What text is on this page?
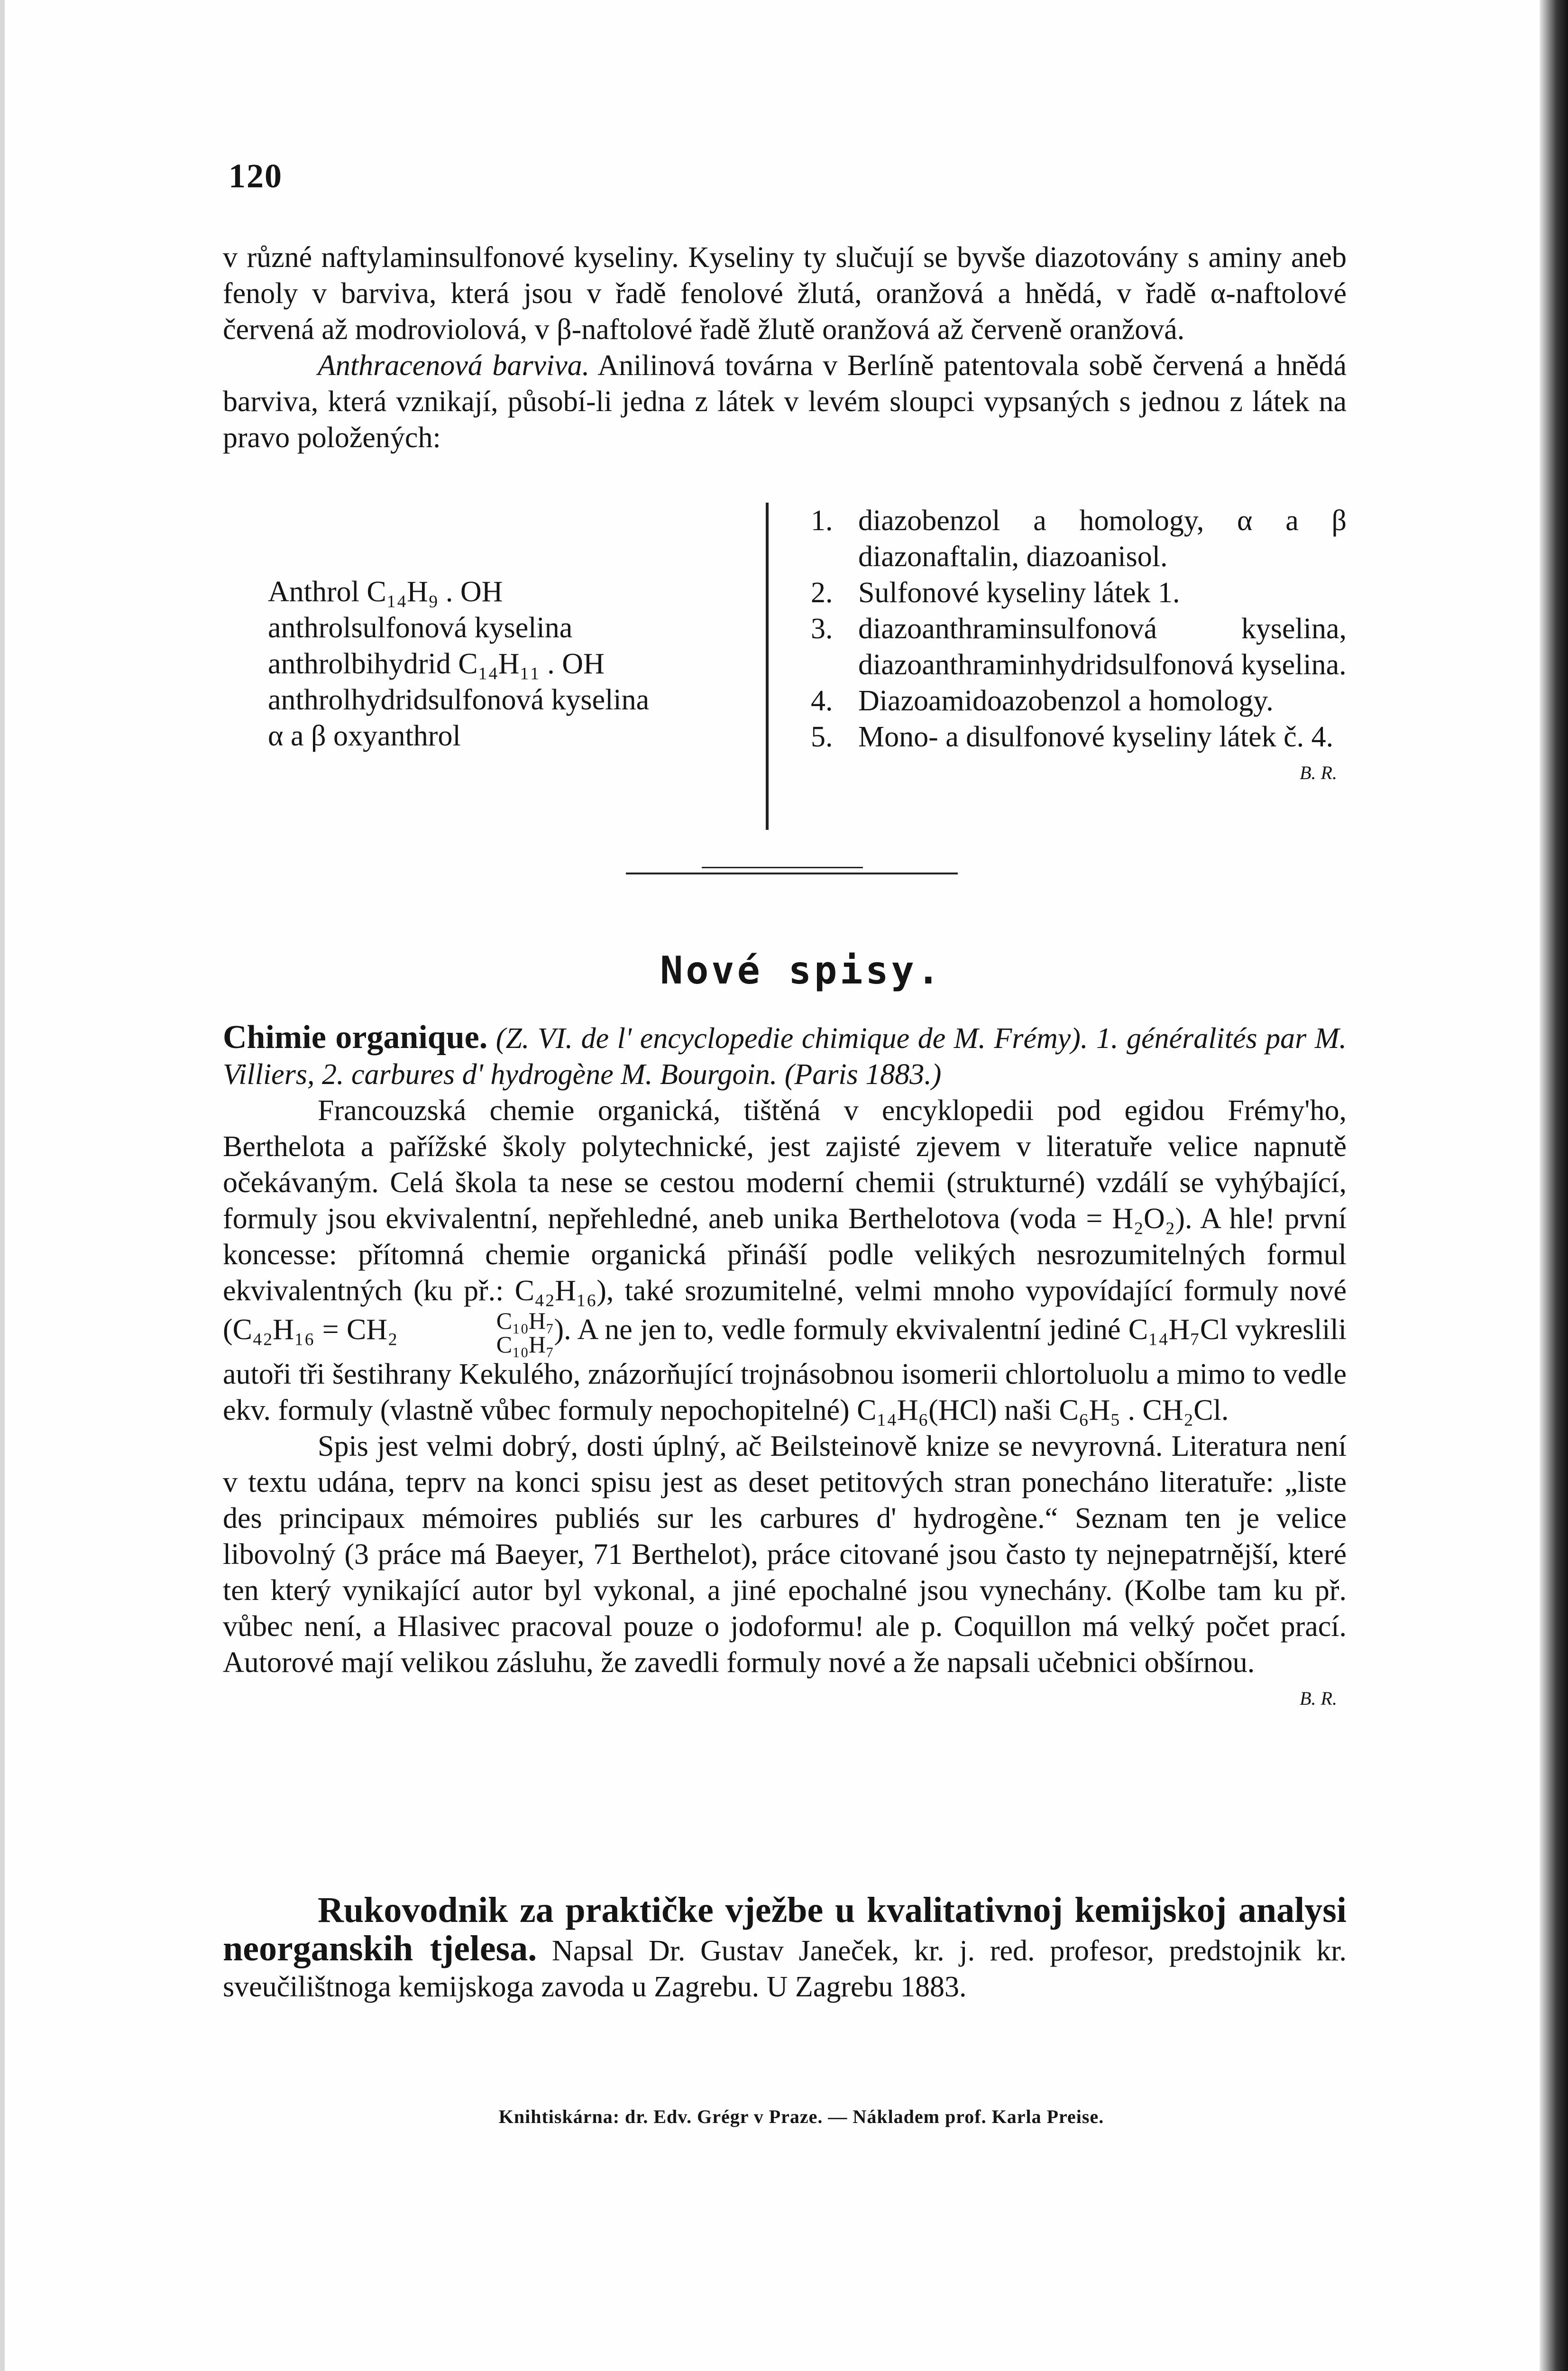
120

v různé naftylaminsulfonové kyseliny. Kyseliny ty slučují se byvše diazotovány s aminy aneb fenoly v barviva, která jsou v řadě fenolové žlutá, oranžová a hnědá, v řadě α-naftolové červená až modroviolová, v β-naftolové řadě žlutě oranžová až červeně oranžová.

Anthracenová barviva. Anilinová továrna v Berlíně patentovala sobě červená a hnědá barviva, která vznikají, působí-li jedna z látek v levém sloupci vypsaných s jednou z látek na pravo položených:

Anthrol C₁₄H₉ . OH
anthrolsulfonová kyselina
anthrolbihydrid C₁₄H₁₁ . OH
anthrolhydridsulfonová kyselina
α a β oxyanthrol
1. diazobenzol a homology, α a β diazonaftalin, diazoanisol.
2. Sulfonové kyseliny látek 1.
3. diazoanthraminsulfonová kyselina, diazoanthraminhydridsulfonová kyselina.
4. Diazoamidoazobenzol a homology.
5. Mono- a disulfonové kyseliny látek č. 4.
B. R.
Nové spisy.

Chimie organique. (Z. VI. de l' encyclopedie chimique de M. Frémy). 1. généralités par M. Villiers, 2. carbures d' hydrogène M. Bourgoin. (Paris 1883.)

Francouzská chemie organická, tištěná v encyklopedii pod egidou Frémy'ho, Berthelota a pařížské školy polytechnické, jest zajisté zjevem v literatuře velice napnutě očekávaným. Celá škola ta nese se cestou moderní chemii (strukturné) vzdálí se vyhýbající, formuly jsou ekvivalentní, nepřehledné, aneb unika Berthelotova (voda = H₂O₂). A hle! první koncesse: přítomná chemie organická přináší podle velikých nesrozumitelných formul ekvivalentných (ku př.: C₄₂H₁₆), také srozumitelné, velmi mnoho vypovídající formuly nové (C₄₂H₁₆ = CH₂	C₁₀H₇
C₁₀H₇ ). A ne jen to, vedle formuly ekvivalentní jediné C₁₄H₇Cl vykreslili autoři tři šestihrany Kekulého, znázorňující trojnásobnou isomerii chlortoluolu a mimo to vedle ekv. formuly (vlastně vůbec formuly nepochopitelné) C₁₄H₆(HCl) naši C₆H₅ . CH₂Cl.

Spis jest velmi dobrý, dosti úplný, ač Beilsteinově knize se nevyrovná. Literatura není v textu udána, teprv na konci spisu jest as deset petitových stran ponecháno literatuře: „liste des principaux mémoires publiés sur les carbures d' hydrogène.“ Seznam ten je velice libovolný (3 práce má Baeyer, 71 Berthelot), práce citované jsou často ty nejnepatrnější, které ten který vynikající autor byl vykonal, a jiné epochalné jsou vynechány. (Kolbe tam ku př. vůbec není, a Hlasivec pracoval pouze o jodoformu! ale p. Coquillon má velký počet prací. Autorové mají velikou zásluhu, že zavedli formuly nové a že napsali učebnici obšírnou.
B. R.

Rukovodnik za praktičke vježbe u kvalitativnoj kemijskoj analysi neorganskih tjelesa. Napsal Dr. Gustav Janeček, kr. j. red. profesor, predstojnik kr. sveučilištnoga kemijskoga zavoda u Zagrebu. U Zagrebu 1883.

Knihtiskárna: dr. Edv. Grégr v Praze. — Nákladem prof. Karla Preise.
